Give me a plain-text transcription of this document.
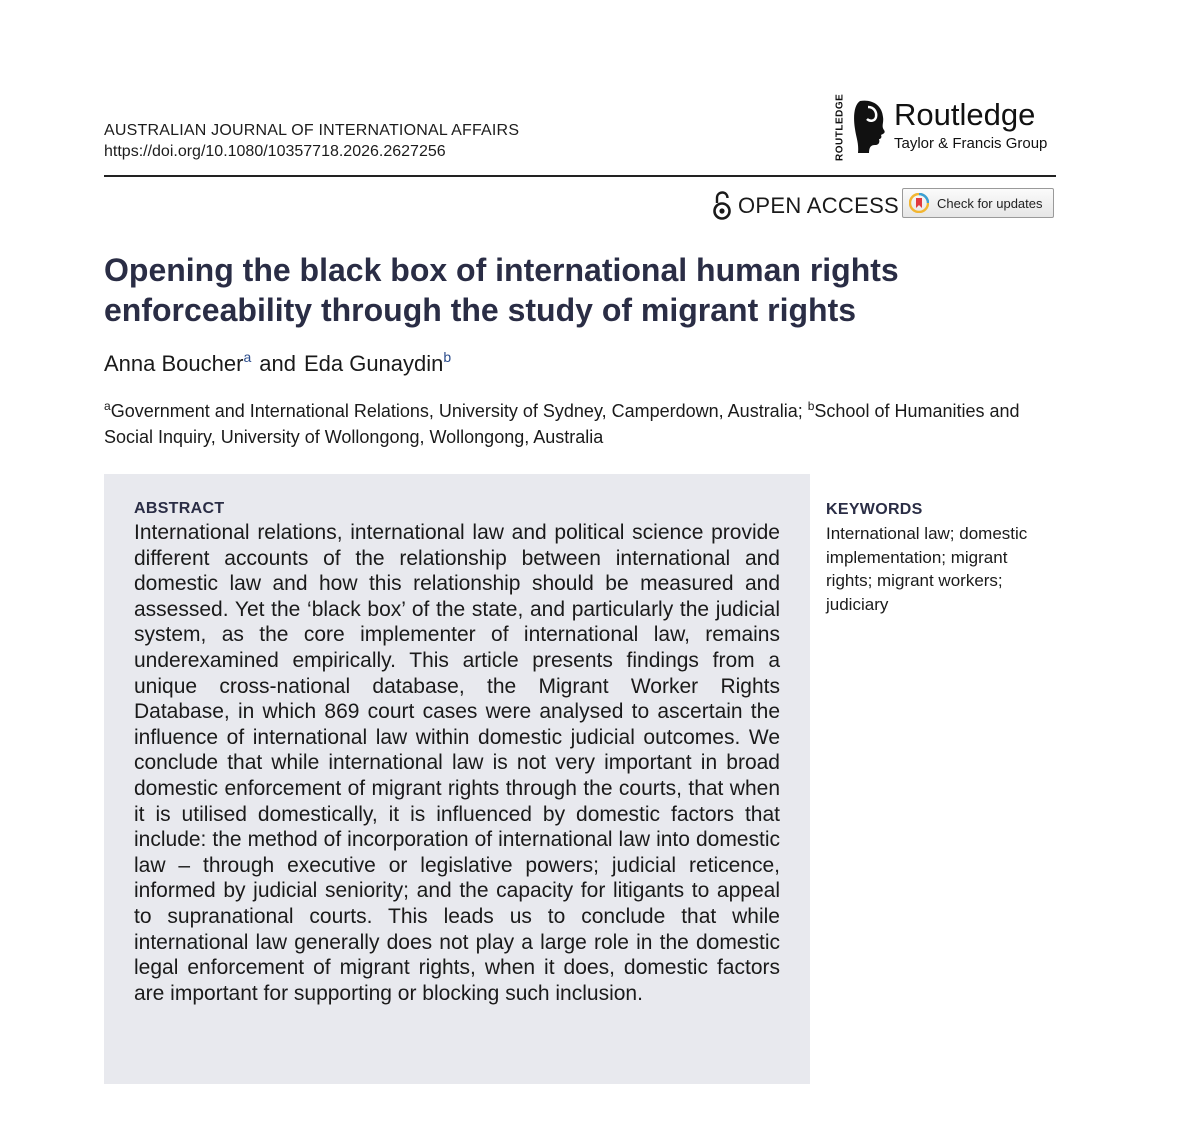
AUSTRALIAN JOURNAL OF INTERNATIONAL AFFAIRS
https://doi.org/10.1080/10357718.2026.2627256	ROUTLEDGE Routledge
Taylor & Francis Group
OPEN ACCESS	Check for updates
Opening the black box of international human rights enforceability through the study of migrant rights
Anna Boucher$^a$ and Eda Gunaydin$^b$
$^a$Government and International Relations, University of Sydney, Camperdown, Australia; $^b$School of Humanities and Social Inquiry, University of Wollongong, Wollongong, Australia
ABSTRACT

International relations, international law and political science provide different accounts of the relationship between international and domestic law and how this relationship should be measured and assessed. Yet the ‘black box’ of the state, and particularly the judicial system, as the core implementer of international law, remains underexamined empirically. This article presents findings from a unique cross-national database, the Migrant Worker Rights Database, in which 869 court cases were analysed to ascertain the influence of international law within domestic judicial outcomes. We conclude that while international law is not very important in broad domestic enforcement of migrant rights through the courts, that when it is utilised domestically, it is influenced by domestic factors that include: the method of incorporation of international law into domestic law – through executive or legislative powers; judicial reticence, informed by judicial seniority; and the capacity for litigants to appeal to supranational courts. This leads us to conclude that while international law generally does not play a large role in the domestic legal enforcement of migrant rights, when it does, domestic factors are important for supporting or blocking such inclusion.

KEYWORDS
International law; domestic implementation; migrant rights; migrant workers; judiciary
